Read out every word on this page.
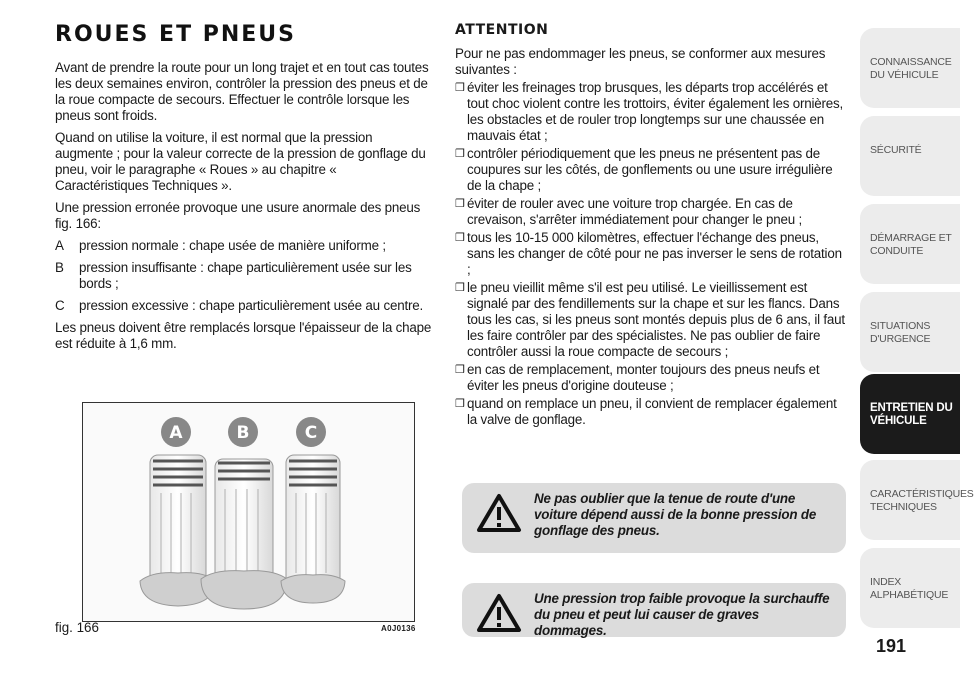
ROUES ET PNEUS

Avant de prendre la route pour un long trajet et en tout cas toutes les deux semaines environ, contrôler la pression des pneus et de la roue compacte de secours. Effectuer le contrôle lorsque les pneus sont froids.

Quand on utilise la voiture, il est normal que la pression augmente ; pour la valeur correcte de la pression de gonflage du pneu, voir le paragraphe « Roues » au chapitre « Caractéristiques Techniques ».

Une pression erronée provoque une usure anormale des pneus fig. 166:

A	pression normale : chape usée de manière uniforme ;
B	pression insuffisante : chape particulièrement usée sur les bords ;
C	pression excessive : chape particulièrement usée au centre.

Les pneus doivent être remplacés lorsque l'épaisseur de la chape est réduite à 1,6 mm.

A	B	C
fig. 166	A0J0136
ATTENTION

Pour ne pas endommager les pneus, se conformer aux mesures suivantes :

❒ éviter les freinages trop brusques, les départs trop accélérés et tout choc violent contre les trottoirs, éviter également les ornières, les obstacles et de rouler trop longtemps sur une chaussée en mauvais état ;
❒ contrôler périodiquement que les pneus ne présentent pas de coupures sur les côtés, de gonflements ou une usure irrégulière de la chape ;
❒ éviter de rouler avec une voiture trop chargée. En cas de crevaison, s'arrêter immédiatement pour changer le pneu ;
❒ tous les 10-15 000 kilomètres, effectuer l'échange des pneus, sans les changer de côté pour ne pas inverser le sens de rotation ;
❒ le pneu vieillit même s'il est peu utilisé. Le vieillissement est signalé par des fendillements sur la chape et sur les flancs. Dans tous les cas, si les pneus sont montés depuis plus de 6 ans, il faut les faire contrôler par des spécialistes. Ne pas oublier de faire contrôler aussi la roue compacte de secours ;
❒ en cas de remplacement, monter toujours des pneus neufs et éviter les pneus d'origine douteuse ;
❒ quand on remplace un pneu, il convient de remplacer également la valve de gonflage.
Ne pas oublier que la tenue de route d'une voiture dépend aussi de la bonne pression de gonflage des pneus.
Une pression trop faible provoque la surchauffe du pneu et peut lui causer de graves dommages.
CONNAISSANCE DU VÉHICULE
SÉCURITÉ
DÉMARRAGE ET CONDUITE
SITUATIONS D'URGENCE
ENTRETIEN DU VÉHICULE
CARACTÉRISTIQUES TECHNIQUES
INDEX ALPHABÉTIQUE
191
